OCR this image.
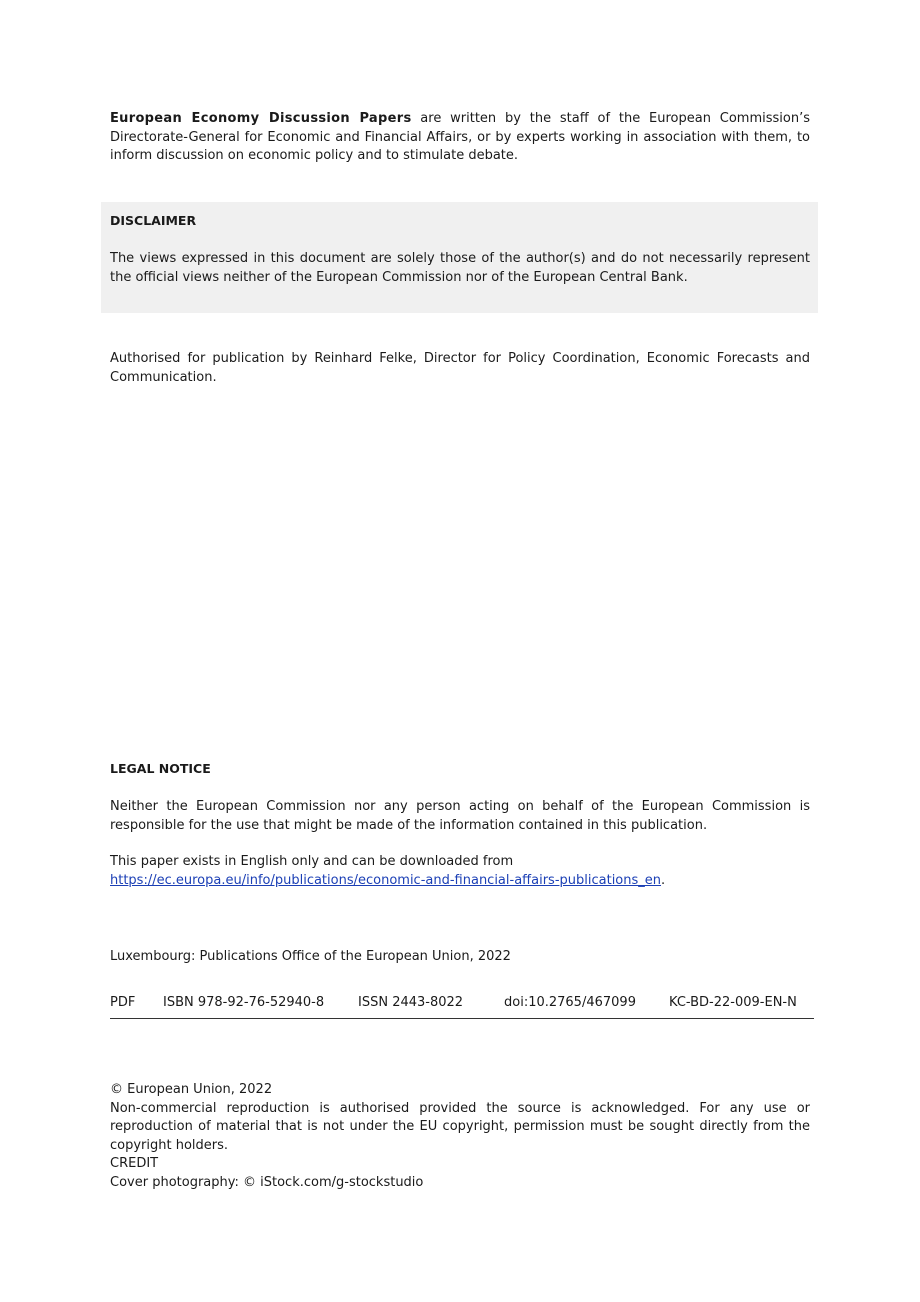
European Economy Discussion Papers are written by the staff of the European Commission’s Directorate-General for Economic and Financial Affairs, or by experts working in association with them, to inform discussion on economic policy and to stimulate debate.

DISCLAIMER

The views expressed in this document are solely those of the author(s) and do not necessarily represent the official views neither of the European Commission nor of the European Central Bank.

Authorised for publication by Reinhard Felke, Director for Policy Coordination, Economic Forecasts and Communication.

LEGAL NOTICE

Neither the European Commission nor any person acting on behalf of the European Commission is responsible for the use that might be made of the information contained in this publication.

This paper exists in English only and can be downloaded from
https://ec.europa.eu/info/publications/economic-and-financial-affairs-publications_en.
Luxembourg: Publications Office of the European Union, 2022
PDF ISBN 978-92-76-52940-8	ISSN 2443-8022	doi:10.2765/467099	KC-BD-22-009-EN-N
© European Union, 2022

Non-commercial reproduction is authorised provided the source is acknowledged. For any use or reproduction of material that is not under the EU copyright, permission must be sought directly from the copyright holders.

CREDIT
Cover photography: © iStock.com/g-stockstudio
